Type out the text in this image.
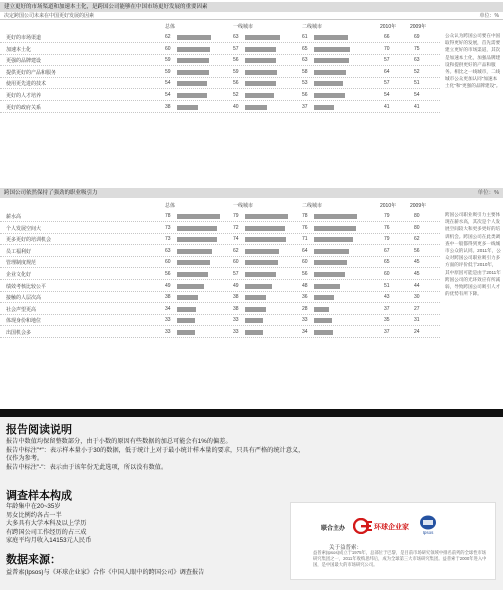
建立更好的市场渠道和加速本土化，是跨国公司能够在中国市场更好发展的重要因素
决定跨国公司未来在中国更好发展的因素	单位：%
总体	一线城市	二线城市	2010年	2009年
更好的市场渠道	62	63	61	66	69
加速本土化	60	57	65	70	75
更强的品牌建设	59	56	63	57	63
提供更好的产品和服务	59	59	58	64	52
使用更先进的技术	54	56	53	57	51
更好的人才培养	54	52	56	54	54
更好的政府关系	38	40	37	41	41
公众认为跨国公司要在中国取得更好的发展，首先需要建立更好的市场渠道，其次是加速本土化，加强品牌建设和提供更好的产品和服务。相比之一线城市，二线城市公众更加认同"加速本土化"和"更强的品牌建设"。
跨国公司依然保持了强劲的职业吸引力	单位：%
总体	一线城市	二线城市	2010年	2009年
薪水高	78	79	78	79	80
个人发展空间大	73	72	76	76	80
更多更好的培训机会	73	74	71	79	62
员工福利好	63	62	64	67	56
管理制度规范	60	60	60	65	45
企业文化好	56	57	56	60	45
绩效考核比较公平	49	49	48	51	44
接触的人层次高	38	38	36	43	30
社会声望更高	34	38	28	37	27
体现身份和地位	33	33	33	35	31
出国机会多	33	33	34	37	24
跨国公司职业吸引力主要体现在薪水高，其次是个人发展空间较大和更多更好的培训机会。跨国公司在此类调查中一般都得到更多一线城市公众的认同。2011年，公众对跨国公司职业吸引力多方面的评价低于2010年，其中原因可能是由于2011年跨国公司的光环效应有所减弱，导致跨国公司吸引人才的优势有所下降。
报告阅读说明
报告中数值均保留整数部分，由于小数的原因有些数据的加总可能会有1%的偏差。
报告中标注"*"：表示样本量小于30的数据，低于统计上对于最小统计样本量的要求，只具有严格的统计意义，仅作为参考。
报告中标注"-"：表示由于该年份无此选项，所以没有数值。
调查样本构成
年龄集中在20~35岁
男女比例约各占一半
大多具有大学本科及以上学历
有跨国公司工作经历的占三成
家庭平均月收入14153元人民币
数据来源：
益普索(Ipsos)与《环球企业家》合作《中国人眼中的跨国公司》调查报告
联合主办	环球企业家
Ipsos
关于益普索：
益普索(Ipsos)成立于1975年，总部位于巴黎，是目前市场研究领域中排名前列的全球性市场研究集团之一，2011年收购思纬后，成为全球第三大市场研究集团。益普索于2000年进入中国，是中国最大的市场研究公司。
